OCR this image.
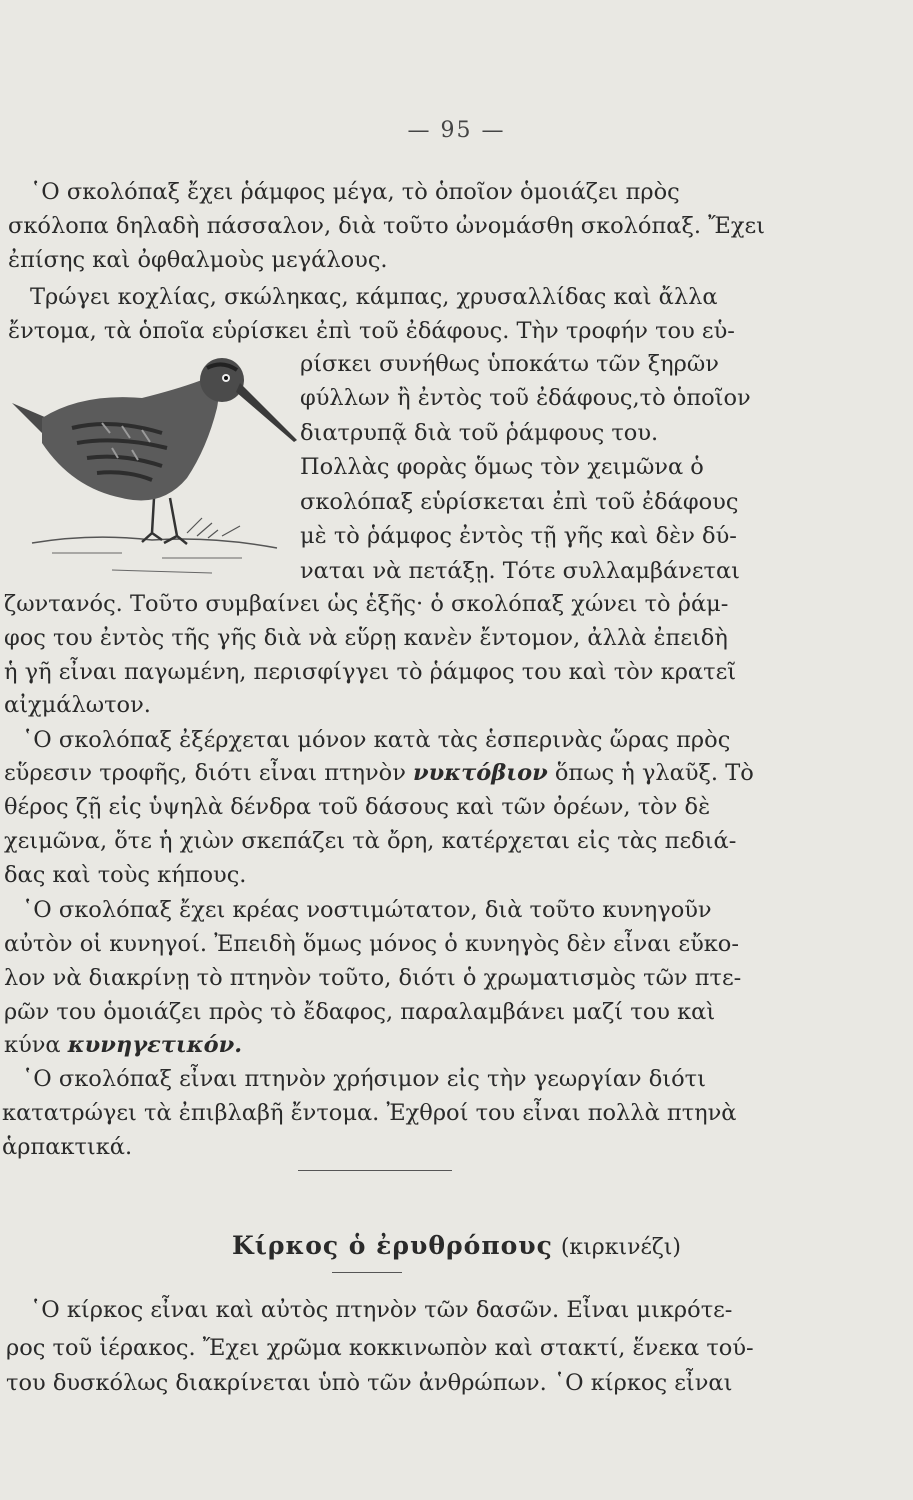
— 95 —
῾Ο σκολόπαξ ἔχει ῥάμφος μέγα, τὸ ὁποῖον ὁμοιάζει πρὸς
σκόλοπα δηλαδὴ πάσσαλον, διὰ τοῦτο ὠνομάσθη σκολόπαξ. Ἔχει
ἐπίσης καὶ ὀφθαλμοὺς μεγάλους.
Τρώγει κοχλίας, σκώληκας, κάμπας, χρυσαλλίδας καὶ ἄλλα
ἔντομα, τὰ ὁποῖα εὑρίσκει ἐπὶ τοῦ ἐδάφους. Τὴν τροφήν του εὑ-
ρίσκει συνήθως ὑποκάτω τῶν ξηρῶν
φύλλων ἢ ἐντὸς τοῦ ἐδάφους,τὸ ὁποῖον
διατρυπᾷ διὰ τοῦ ῥάμφους του.
Πολλὰς φορὰς ὅμως τὸν χειμῶνα ὁ
σκολόπαξ εὑρίσκεται ἐπὶ τοῦ ἐδάφους
μὲ τὸ ῥάμφος ἐντὸς τῇ γῆς καὶ δὲν δύ-
ναται νὰ πετάξῃ. Τότε συλλαμβάνεται
ζωντανός. Τοῦτο συμβαίνει ὡς ἑξῆς· ὁ σκολόπαξ χώνει τὸ ῥάμ-
φος του ἐντὸς τῆς γῆς διὰ νὰ εὕρῃ κανὲν ἔντομον, ἀλλὰ ἐπειδὴ
ἡ γῆ εἶναι παγωμένη, περισφίγγει τὸ ῥάμφος του καὶ τὸν κρατεῖ
αἰχμάλωτον.
῾Ο σκολόπαξ ἐξέρχεται μόνον κατὰ τὰς ἑσπερινὰς ὥρας πρὸς
εὕρεσιν τροφῆς, διότι εἶναι πτηνὸν νυκτόβιον ὅπως ἡ γλαῦξ. Τὸ
θέρος ζῇ εἰς ὑψηλὰ δένδρα τοῦ δάσους καὶ τῶν ὀρέων, τὸν δὲ
χειμῶνα, ὅτε ἡ χιὼν σκεπάζει τὰ ὄρη, κατέρχεται εἰς τὰς πεδιά-
δας καὶ τοὺς κήπους.
῾Ο σκολόπαξ ἔχει κρέας νοστιμώτατον, διὰ τοῦτο κυνηγοῦν
αὐτὸν οἱ κυνηγοί. Ἐπειδὴ ὅμως μόνος ὁ κυνηγὸς δὲν εἶναι εὔκο-
λον νὰ διακρίνῃ τὸ πτηνὸν τοῦτο, διότι ὁ χρωματισμὸς τῶν πτε-
ρῶν του ὁμοιάζει πρὸς τὸ ἔδαφος, παραλαμβάνει μαζί του καὶ
κύνα κυνηγετικόν.
῾Ο σκολόπαξ εἶναι πτηνὸν χρήσιμον εἰς τὴν γεωργίαν διότι
κατατρώγει τὰ ἐπιβλαβῆ ἔντομα. Ἐχθροί του εἶναι πολλὰ πτηνὰ
ἁρπακτικά.
Κίρκος ὁ ἐρυθρόπους (κιρκινέζι)
῾Ο κίρκος εἶναι καὶ αὐτὸς πτηνὸν τῶν δασῶν. Εἶναι μικρότε-
ρος τοῦ ἱέρακος. Ἔχει χρῶμα κοκκινωπὸν καὶ στακτί, ἕνεκα τού-
του δυσκόλως διακρίνεται ὑπὸ τῶν ἀνθρώπων. ῾Ο κίρκος εἶναι
